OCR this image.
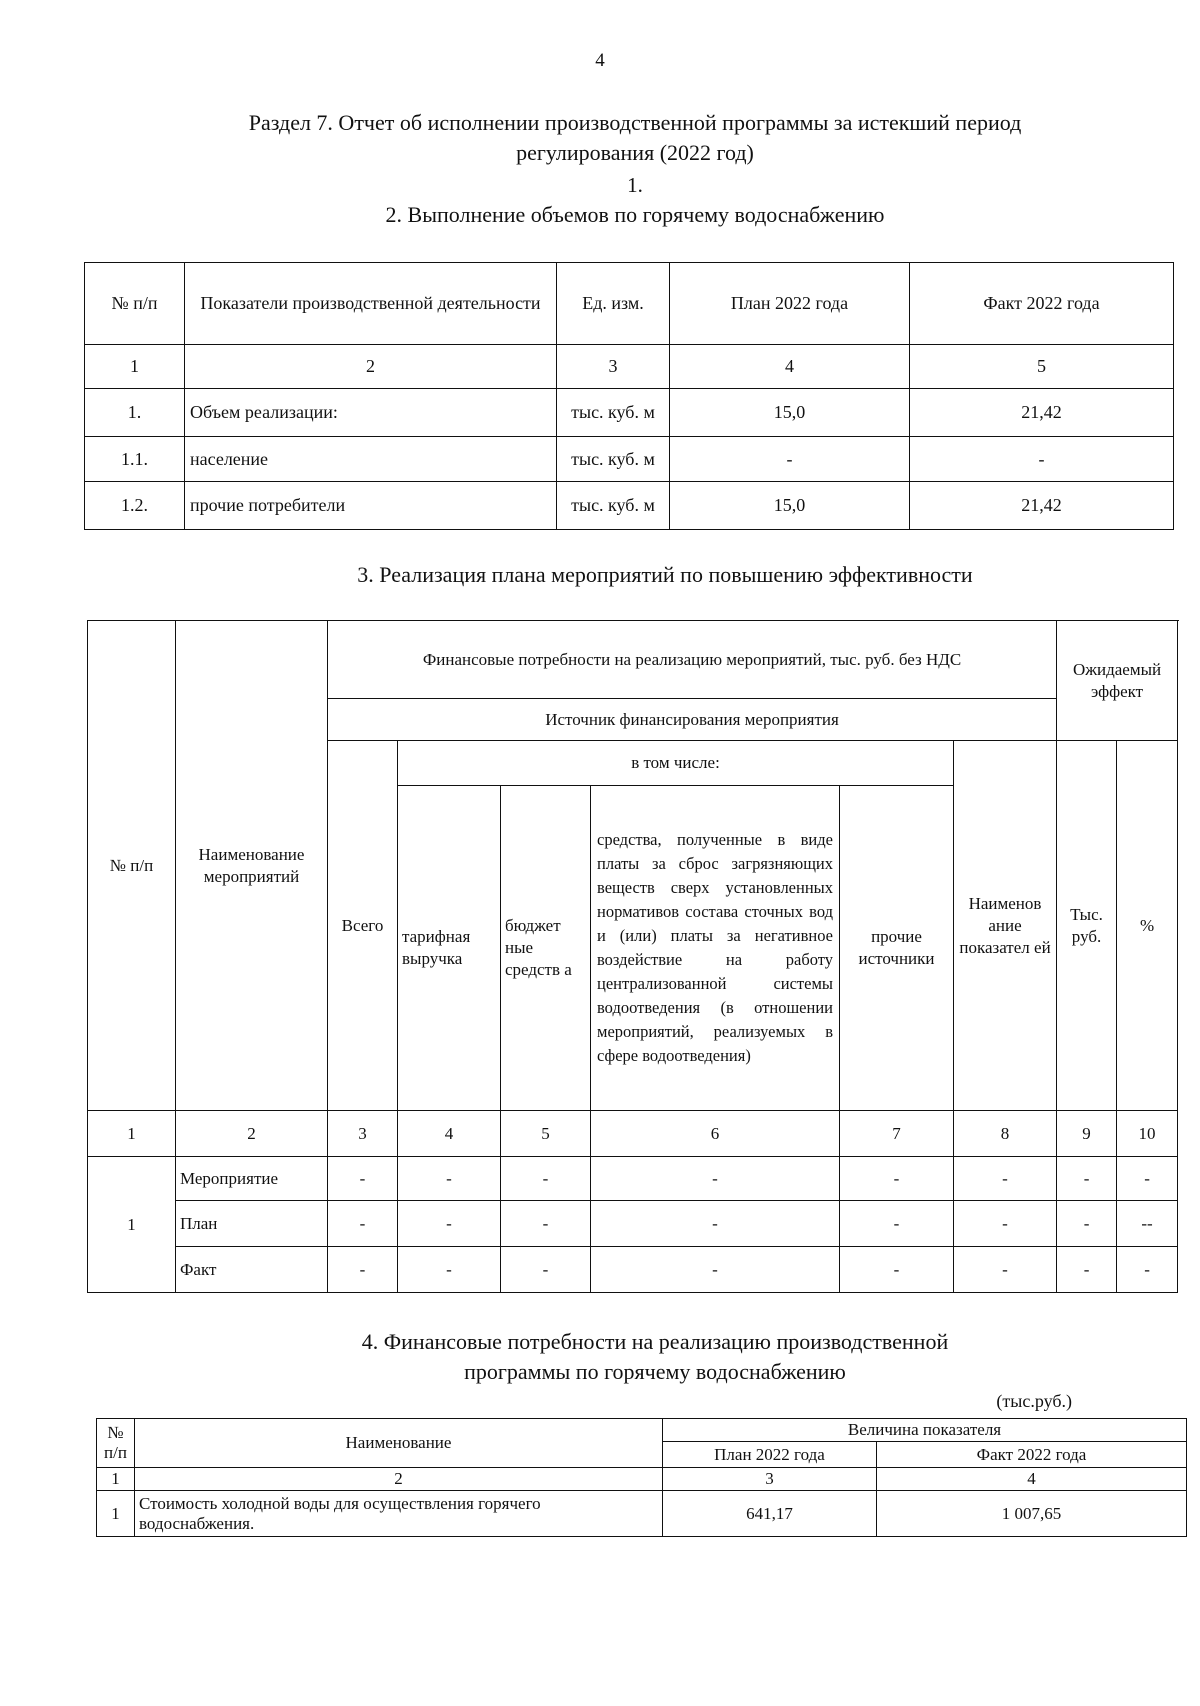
4
Раздел 7. Отчет об исполнении производственной программы за истекший период
регулирования (2022 год)
1.
2. Выполнение объемов по горячему водоснабжению
№ п/п	Показатели производственной деятельности	Ед. изм.	План 2022 года	Факт 2022 года
1	2	3	4	5
1.	Объем реализации:	тыс. куб. м	15,0	21,42
1.1.	население	тыс. куб. м	-	-
1.2.	прочие потребители	тыс. куб. м	15,0	21,42
3. Реализация плана мероприятий по повышению эффективности
№ п/п	Наименование мероприятий	Финансовые потребности на реализацию мероприятий, тыс. руб. без НДС						Ожидаемый эффект	
		Источник финансирования мероприятия							
		Всего	в том числе:				Наименов ание показател ей	Тыс. руб.	%
			тарифная выручка	бюджет ные средств а	средства, полученные в виде платы за сброс загрязняющих веществ сверх установленных нормативов состава сточных вод и (или) платы за негативное воздействие на работу централизованной системы водоотведения (в отношении мероприятий, реализуемых в сфере водоотведения)	прочие источники			
1	2	3	4	5	6	7	8	9	10
1	Мероприятие	-	-	-	-	-	-	-	-
	План	-	-	-	-	-	-	-	--
	Факт	-	-	-	-	-	-	-	-
4. Финансовые потребности на реализацию производственной
программы по горячему водоснабжению
(тыс.руб.)
№ п/п	Наименование	Величина показателя	
		План 2022 года	Факт 2022 года
1	2	3	4
1	Стоимость холодной воды для осуществления горячего водоснабжения.	641,17	1 007,65
